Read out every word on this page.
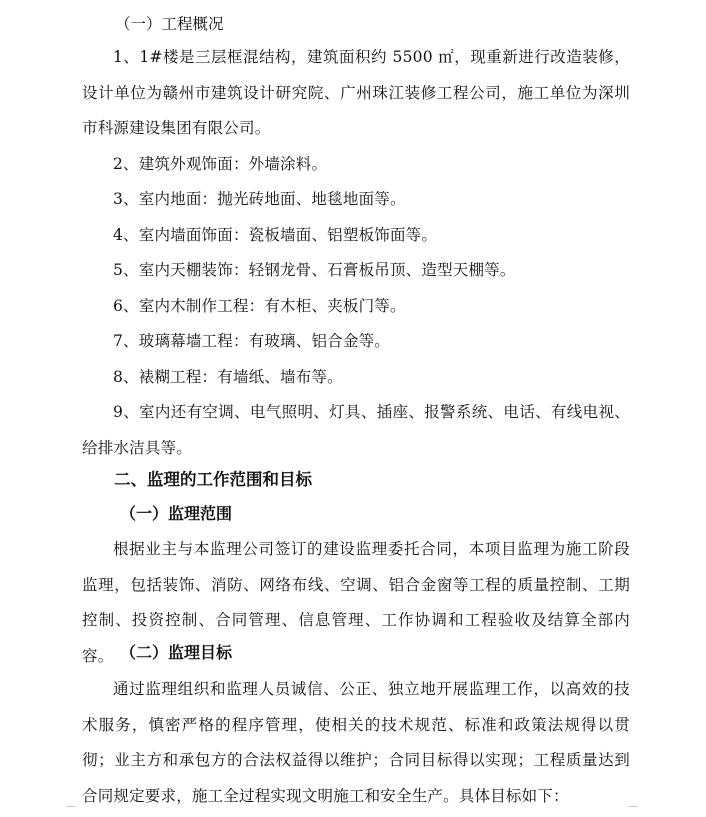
（一）工程概况

1、1#楼是三层框混结构，建筑面积约 5500 ㎡，现重新进行改造装修，设计单位为赣州市建筑设计研究院、广州珠江装修工程公司，施工单位为深圳市科源建设集团有限公司。

2、建筑外观饰面：外墙涂料。

3、室内地面：抛光砖地面、地毯地面等。

4、室内墙面饰面：瓷板墙面、铝塑板饰面等。

5、室内天棚装饰：轻钢龙骨、石膏板吊顶、造型天棚等。

6、室内木制作工程：有木柜、夹板门等。

7、玻璃幕墙工程：有玻璃、铝合金等。

8、裱糊工程：有墙纸、墙布等。

9、室内还有空调、电气照明、灯具、插座、报警系统、电话、有线电视、给排水洁具等。

二、监理的工作范围和目标

（一）监理范围

根据业主与本监理公司签订的建设监理委托合同，本项目监理为施工阶段监理，包括装饰、消防、网络布线、空调、铝合金窗等工程的质量控制、工期控制、投资控制、合同管理、信息管理、工作协调和工程验收及结算全部内容。 （二）监理目标

通过监理组织和监理人员诚信、公正、独立地开展监理工作，以高效的技术服务，慎密严格的程序管理，使相关的技术规范、标准和政策法规得以贯彻；业主方和承包方的合法权益得以维护；合同目标得以实现；工程质量达到合同规定要求，施工全过程实现文明施工和安全生产。具体目标如下：
